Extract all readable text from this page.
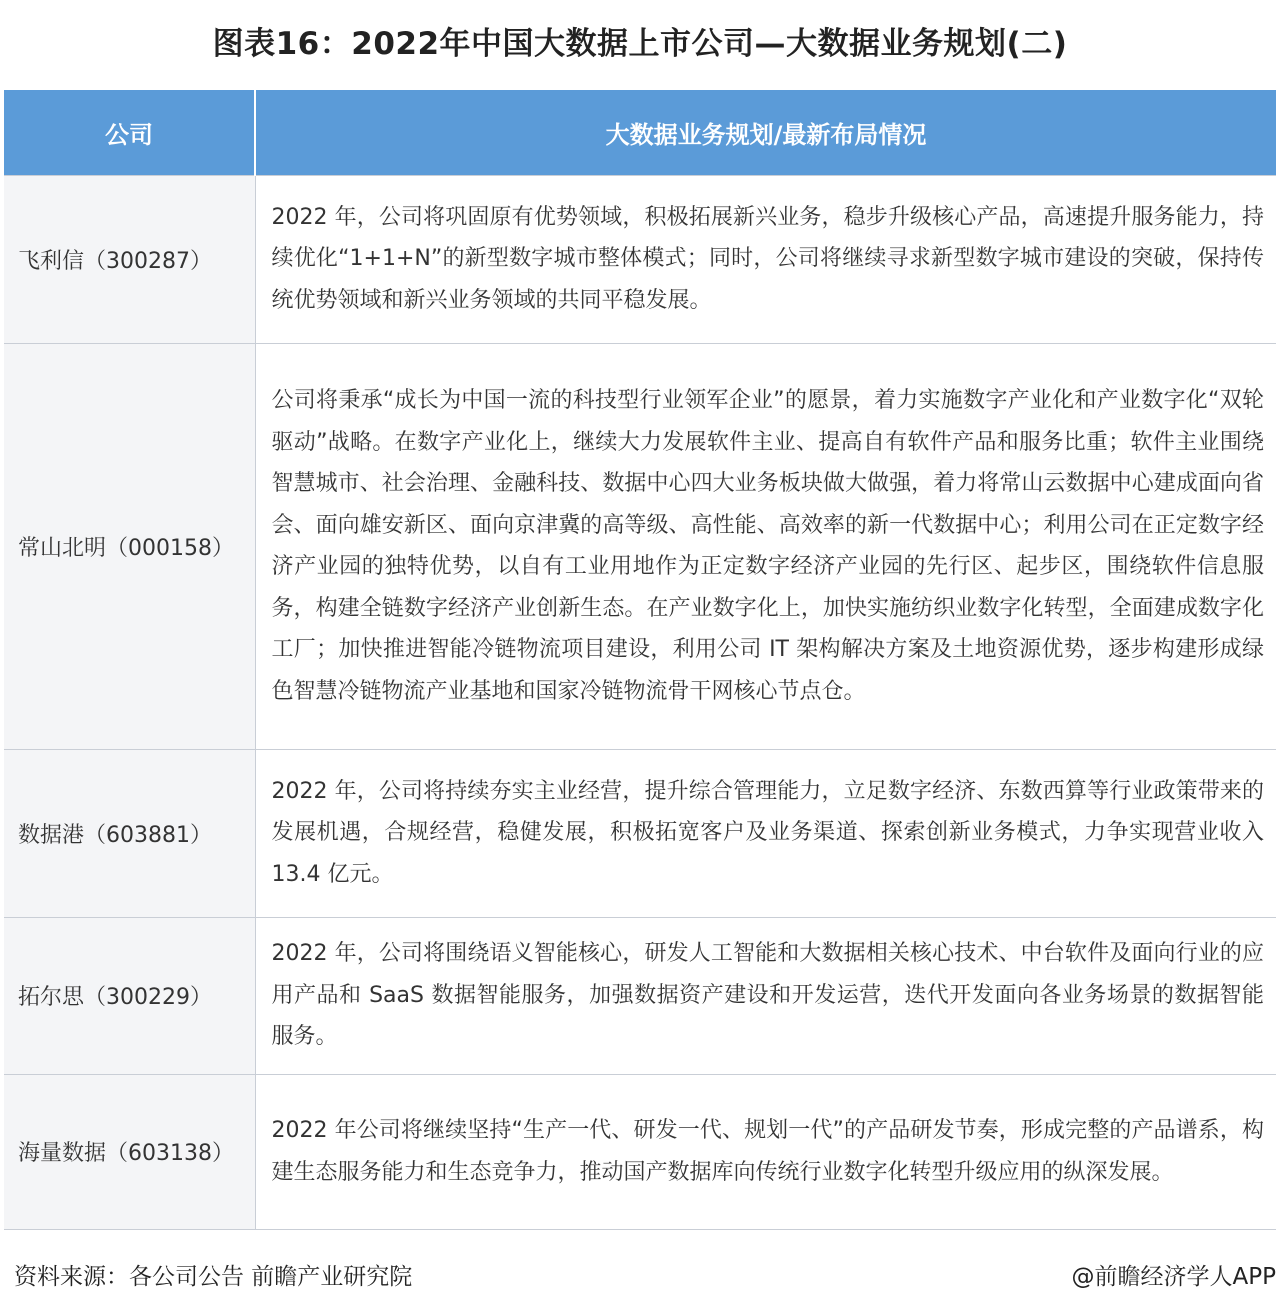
图表16：2022年中国大数据上市公司—大数据业务规划(二)
公司	大数据业务规划/最新布局情况
飞利信（300287）	2022 年，公司将巩固原有优势领域，积极拓展新兴业务，稳步升级核心产品，高速提升服务能力，持续优化“1+1+N”的新型数字城市整体模式；同时，公司将继续寻求新型数字城市建设的突破，保持传统优势领域和新兴业务领域的共同平稳发展。
常山北明（000158）	公司将秉承“成长为中国一流的科技型行业领军企业”的愿景，着力实施数字产业化和产业数字化“双轮驱动”战略。在数字产业化上，继续大力发展软件主业、提高自有软件产品和服务比重；软件主业围绕智慧城市、社会治理、金融科技、数据中心四大业务板块做大做强，着力将常山云数据中心建成面向省会、面向雄安新区、面向京津冀的高等级、高性能、高效率的新一代数据中心；利用公司在正定数字经济产业园的独特优势，以自有工业用地作为正定数字经济产业园的先行区、起步区，围绕软件信息服务，构建全链数字经济产业创新生态。在产业数字化上，加快实施纺织业数字化转型，全面建成数字化工厂；加快推进智能冷链物流项目建设，利用公司 IT 架构解决方案及土地资源优势，逐步构建形成绿色智慧冷链物流产业基地和国家冷链物流骨干网核心节点仓。
数据港（603881）	2022 年，公司将持续夯实主业经营，提升综合管理能力，立足数字经济、东数西算等行业政策带来的发展机遇，合规经营，稳健发展，积极拓宽客户及业务渠道、探索创新业务模式，力争实现营业收入 13.4 亿元。
拓尔思（300229）	2022 年，公司将围绕语义智能核心，研发人工智能和大数据相关核心技术、中台软件及面向行业的应用产品和 SaaS 数据智能服务，加强数据资产建设和开发运营，迭代开发面向各业务场景的数据智能服务。
海量数据（603138）	2022 年公司将继续坚持“生产一代、研发一代、规划一代”的产品研发节奏，形成完整的产品谱系，构建生态服务能力和生态竞争力，推动国产数据库向传统行业数字化转型升级应用的纵深发展。
资料来源：各公司公告 前瞻产业研究院	@前瞻经济学人APP
